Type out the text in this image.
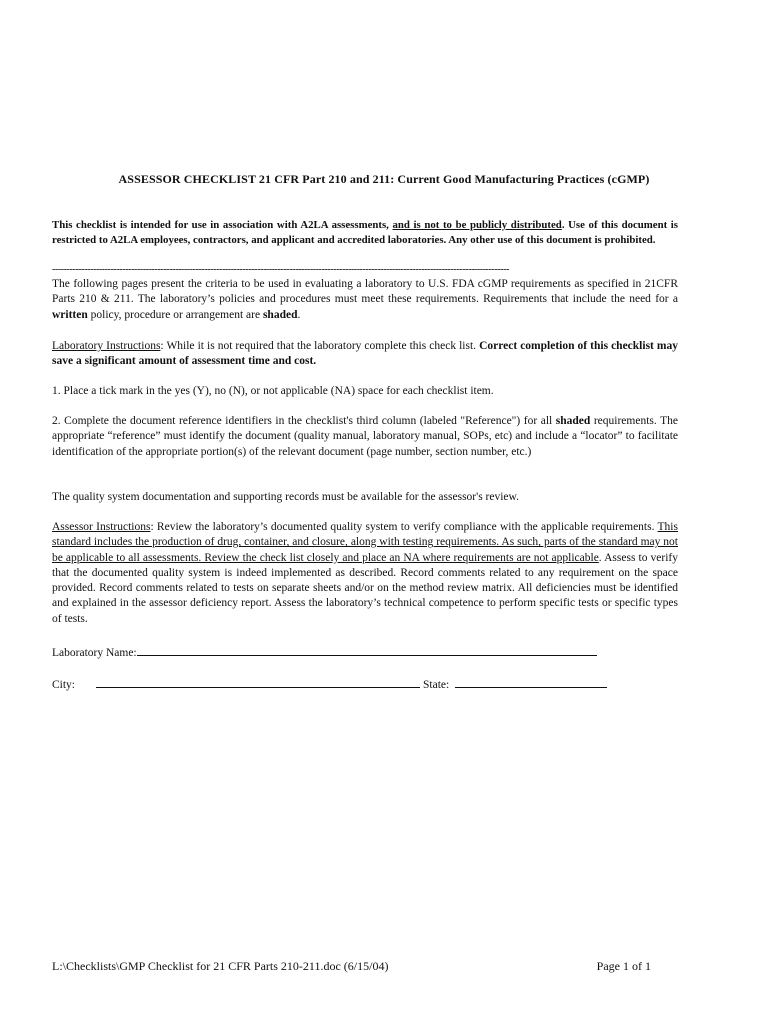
ASSESSOR CHECKLIST 21 CFR Part 210 and 211: Current Good Manufacturing Practices (cGMP)
This checklist is intended for use in association with A2LA assessments, and is not to be publicly distributed. Use of this document is restricted to A2LA employees, contractors, and applicant and accredited laboratories. Any other use of this document is prohibited.
------------------------------------------------------------------------------------------------------------------------------------------------------------
The following pages present the criteria to be used in evaluating a laboratory to U.S. FDA cGMP requirements as specified in 21CFR Parts 210 & 211. The laboratory’s policies and procedures must meet these requirements. Requirements that include the need for a written policy, procedure or arrangement are shaded.
Laboratory Instructions: While it is not required that the laboratory complete this check list. Correct completion of this checklist may save a significant amount of assessment time and cost.
1. Place a tick mark in the yes (Y), no (N), or not applicable (NA) space for each checklist item.
2. Complete the document reference identifiers in the checklist's third column (labeled "Reference") for all shaded requirements. The appropriate “reference” must identify the document (quality manual, laboratory manual, SOPs, etc) and include a “locator” to facilitate identification of the appropriate portion(s) of the relevant document (page number, section number, etc.)
The quality system documentation and supporting records must be available for the assessor's review.
Assessor Instructions: Review the laboratory’s documented quality system to verify compliance with the applicable requirements. This standard includes the production of drug, container, and closure, along with testing requirements. As such, parts of the standard may not be applicable to all assessments. Review the check list closely and place an NA where requirements are not applicable. Assess to verify that the documented quality system is indeed implemented as described. Record comments related to any requirement on the space provided. Record comments related to tests on separate sheets and/or on the method review matrix. All deficiencies must be identified and explained in the assessor deficiency report. Assess the laboratory’s technical competence to perform specific tests or specific types of tests.
Laboratory Name:
City:	State:
L:\Checklists\GMP Checklist for 21 CFR Parts 210-211.doc (6/15/04)	Page 1 of 1
